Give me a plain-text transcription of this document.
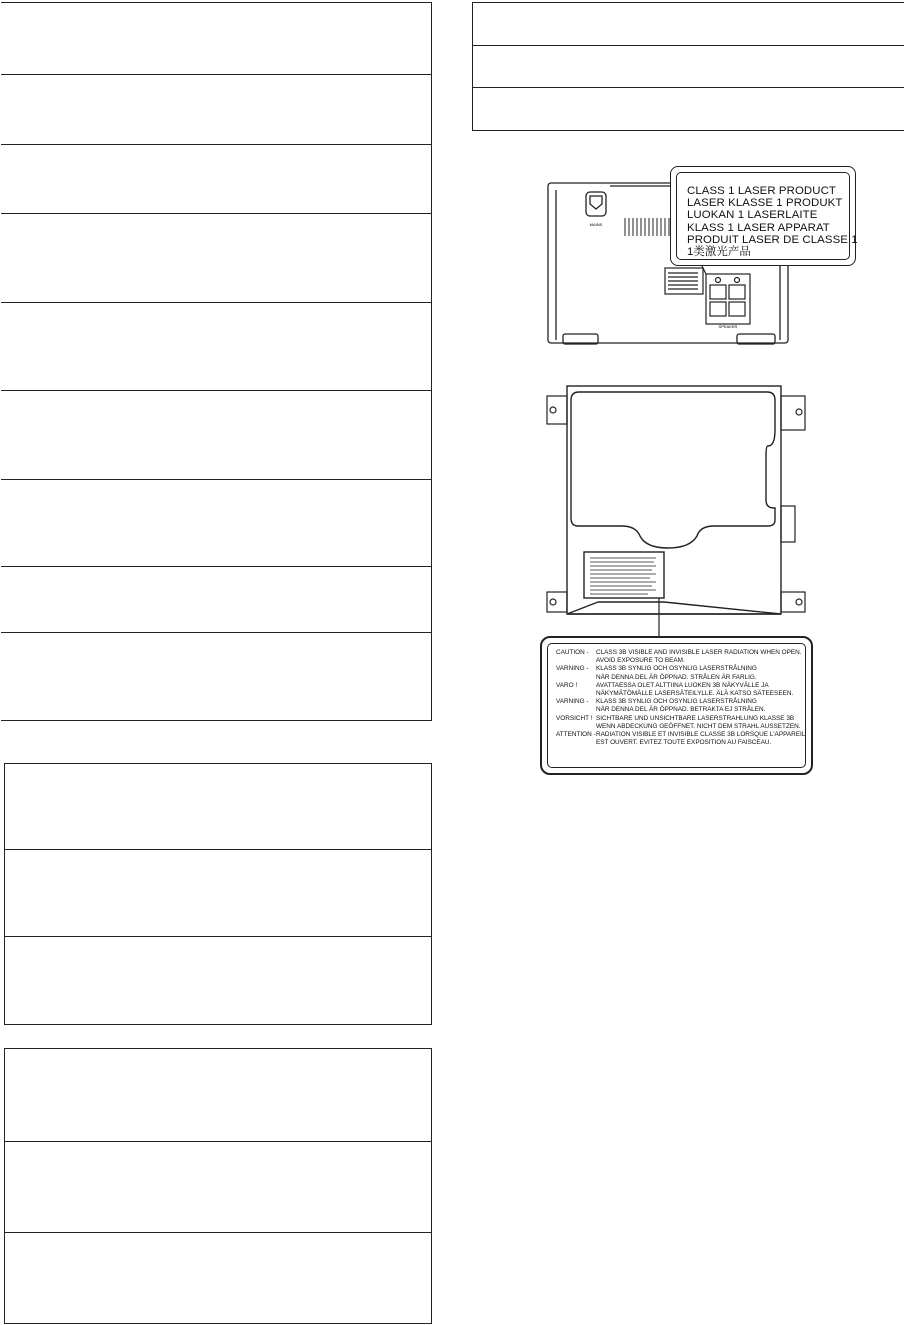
MAINS
SPEAKER
CLASS 1 LASER PRODUCT
LASER KLASSE 1 PRODUKT
LUOKAN 1 LASERLAITE
KLASS 1 LASER APPARAT
PRODUIT LASER DE CLASSE 1
1类激光产品
CAUTION -	CLASS 3B VISIBLE AND INVISIBLE LASER RADIATION WHEN OPEN.
AVOID EXPOSURE TO BEAM.
VARNING -	KLASS 3B SYNLIG OCH OSYNLIG LASERSTRÅLNING
NÄR DENNA DEL ÄR ÖPPNAD. STRÅLEN ÄR FARLIG.
VARO !	AVATTAESSA OLET ALTTIINA LUOKEN 3B NÄKYVÄLLE JA
NÄKYMÄTÖMÄLLE LASERSÄTEILYLLE. ÄLÄ KATSO SÄTEESEEN.
VARNING -	KLASS 3B SYNLIG OCH OSYNLIG LASERSTRÅLNING
NÄR DENNA DEL ÄR ÖPPNAD. BETRAKTA EJ STRÅLEN.
VORSICHT ! SICHTBARE UND UNSICHTBARE LASERSTRAHLUNG KLASSE 3B
WENN ABDECKUNG GEÖFFNET. NICHT DEM STRAHL AUSSETZEN.
ATTENTION - RADIATION VISIBLE ET INVISIBLE CLASSE 3B LORSQUE L'APPAREIL
EST OUVERT. EVITEZ TOUTE EXPOSITION AU FAISCEAU.
